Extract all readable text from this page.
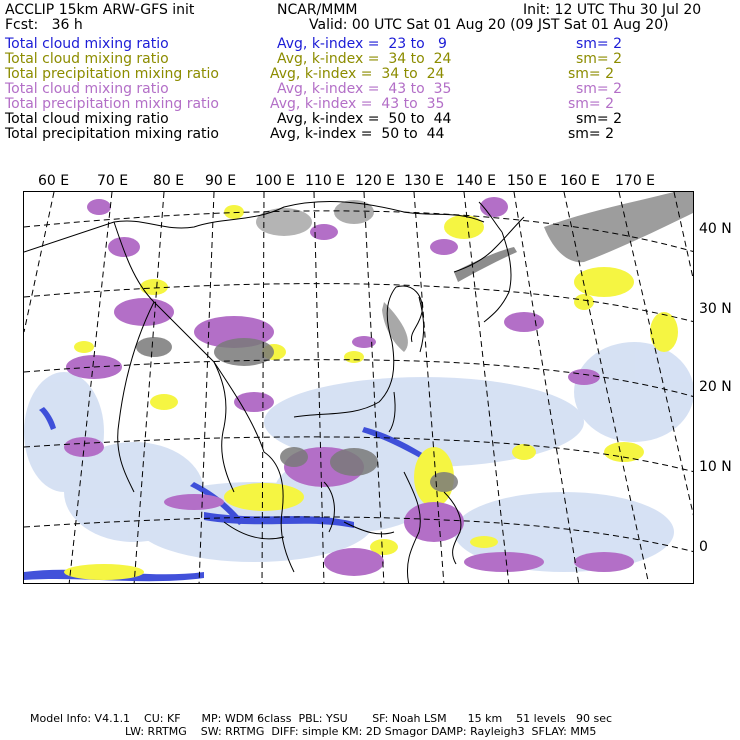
ACCLIP 15km ARW-GFS init	NCAR/MMM	Init: 12 UTC Thu 30 Jul 20
Fcst:   36 h	Valid: 00 UTC Sat 01 Aug 20 (09 JST Sat 01 Aug 20)
Total cloud mixing ratio	Avg, k-index =  23 to   9	sm= 2
Total cloud mixing ratio	Avg, k-index =  34 to  24	sm= 2
Total precipitation mixing ratio	Avg, k-index =  34 to  24	sm= 2
Total cloud mixing ratio	Avg, k-index =  43 to  35	sm= 2
Total precipitation mixing ratio	Avg, k-index =  43 to  35	sm= 2
Total cloud mixing ratio	Avg, k-index =  50 to  44	sm= 2
Total precipitation mixing ratio	Avg, k-index =  50 to  44	sm= 2
60 E 70 E 80 E 90 E 100 E 110 E 120 E 130 E 140 E 150 E 160 E 170 E
40 N
30 N
20 N
10 N
0
Model Info: V4.1.1    CU: KF      MP: WDM 6class  PBL: YSU       SF: Noah LSM      15 km    51 levels   90 sec
LW: RRTMG    SW: RRTMG  DIFF: simple KM: 2D Smagor DAMP: Rayleigh3  SFLAY: MM5
